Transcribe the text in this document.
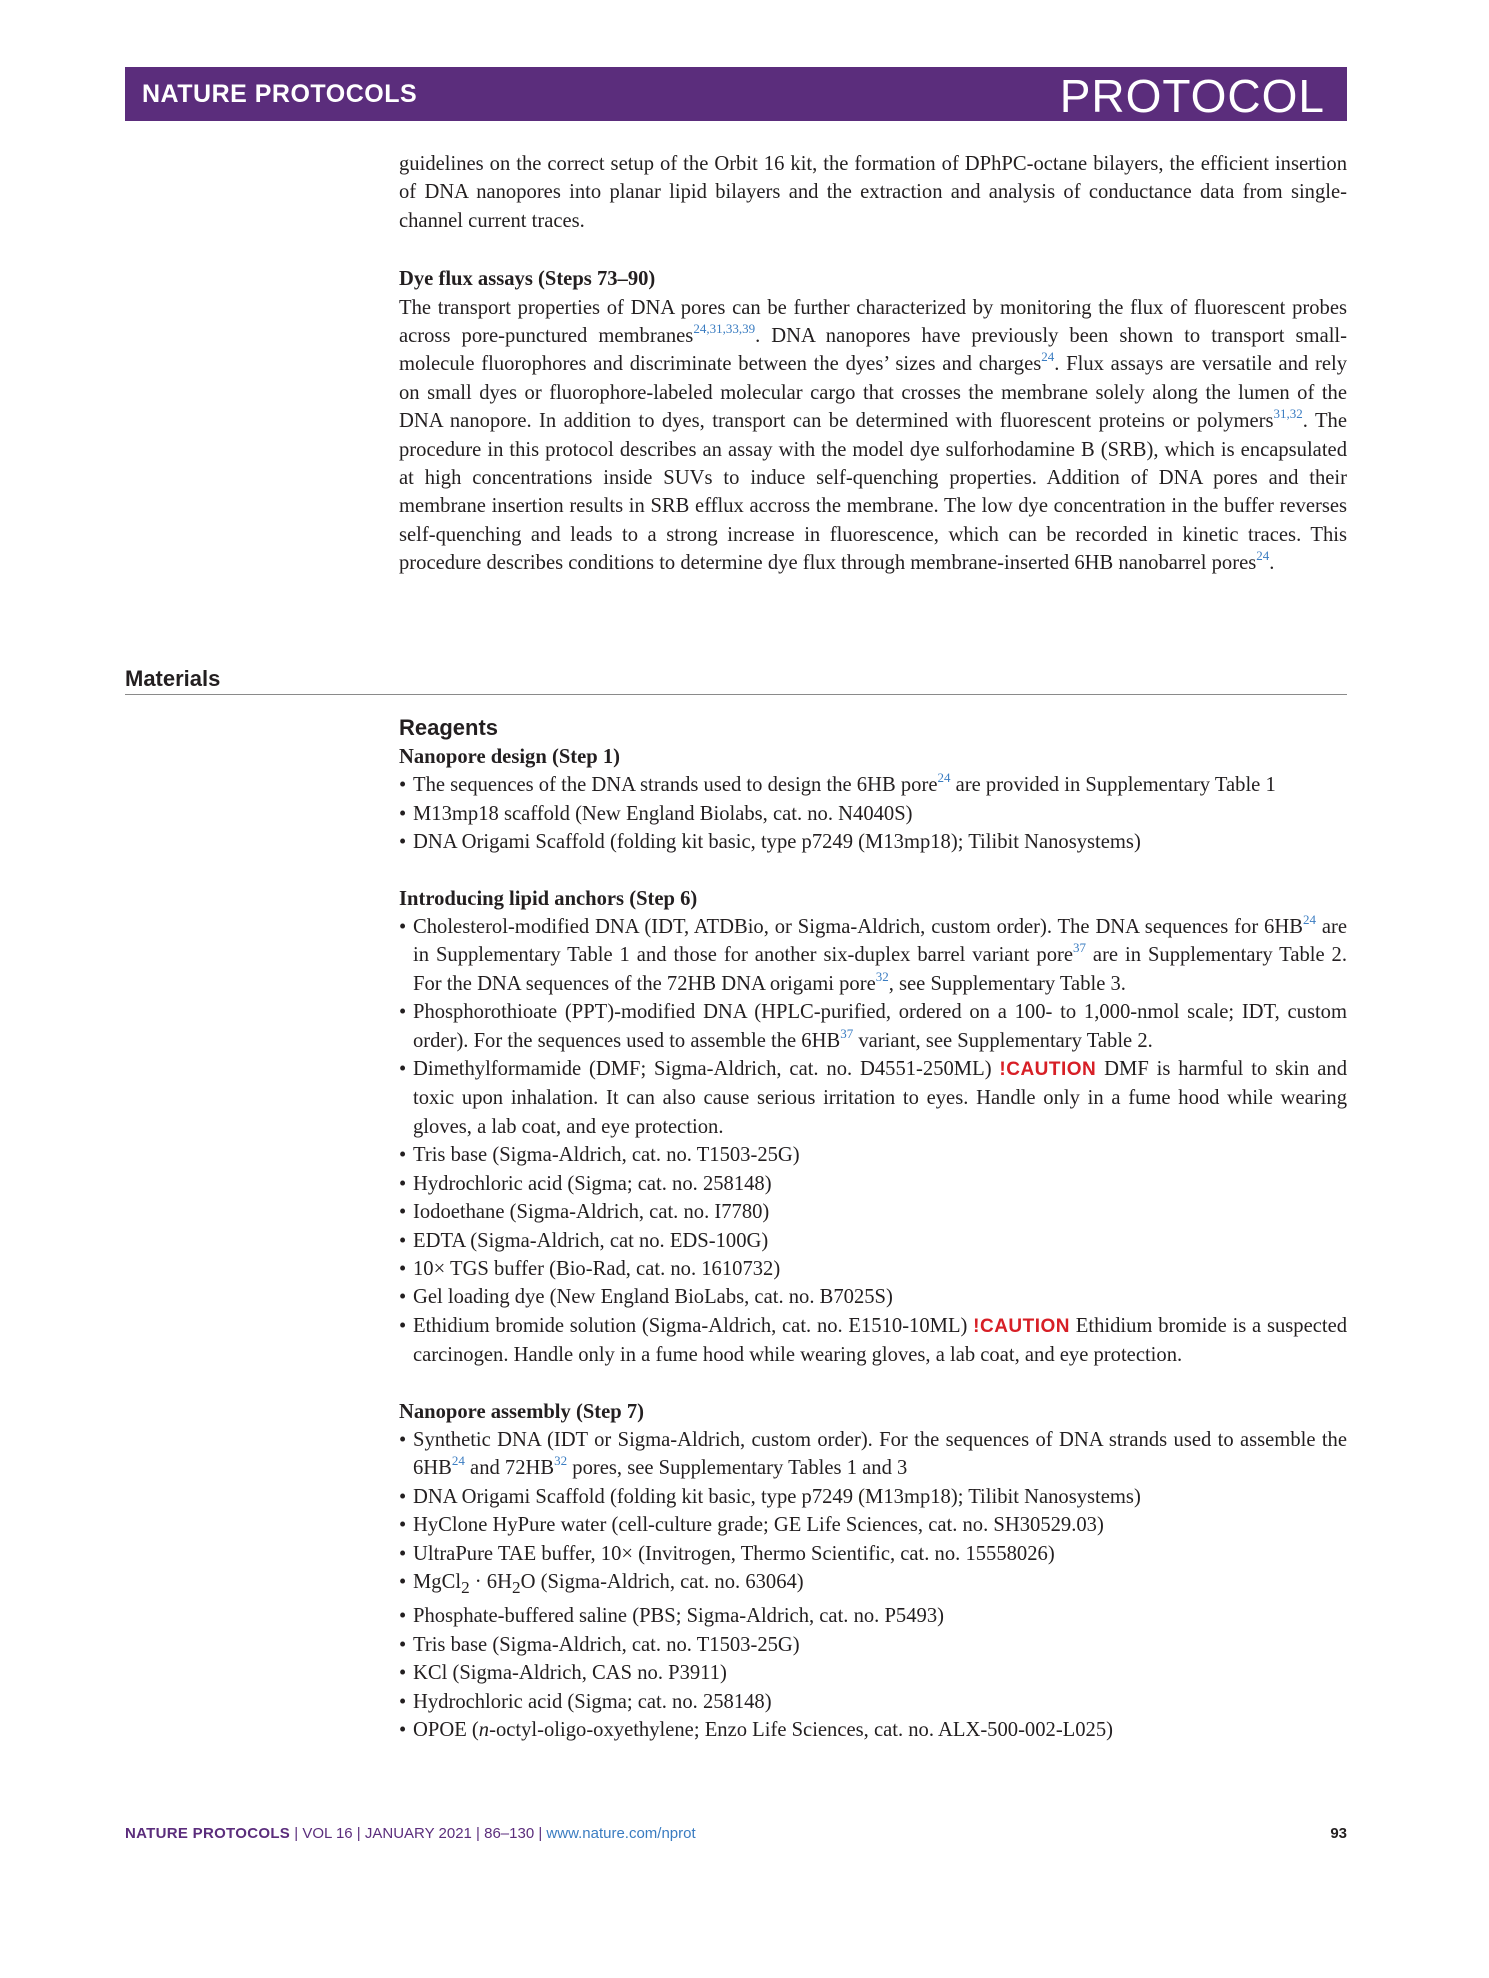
NATURE PROTOCOLS	PROTOCOL

guidelines on the correct setup of the Orbit 16 kit, the formation of DPhPC-octane bilayers, the efficient insertion of DNA nanopores into planar lipid bilayers and the extraction and analysis of conductance data from single-channel current traces.

Dye flux assays (Steps 73–90)

The transport properties of DNA pores can be further characterized by monitoring the flux of fluorescent probes across pore-punctured membranes$^{24,31,33,39}$. DNA nanopores have previously been shown to transport small-molecule fluorophores and discriminate between the dyes’ sizes and charges$^{24}$. Flux assays are versatile and rely on small dyes or fluorophore-labeled molecular cargo that crosses the membrane solely along the lumen of the DNA nanopore. In addition to dyes, transport can be determined with fluorescent proteins or polymers$^{31,32}$. The procedure in this protocol describes an assay with the model dye sulforhodamine B (SRB), which is encapsulated at high concentrations inside SUVs to induce self-quenching properties. Addition of DNA pores and their membrane insertion results in SRB efflux accross the membrane. The low dye concentration in the buffer reverses self-quenching and leads to a strong increase in fluorescence, which can be recorded in kinetic traces. This procedure describes conditions to determine dye flux through membrane-inserted 6HB nanobarrel pores$^{24}$.

Materials

Reagents

Nanopore design (Step 1)

• The sequences of the DNA strands used to design the 6HB pore$^{24}$ are provided in Supplementary Table 1
• M13mp18 scaffold (New England Biolabs, cat. no. N4040S)
• DNA Origami Scaffold (folding kit basic, type p7249 (M13mp18); Tilibit Nanosystems)

Introducing lipid anchors (Step 6)

• Cholesterol-modified DNA (IDT, ATDBio, or Sigma-Aldrich, custom order). The DNA sequences for 6HB$^{24}$ are in Supplementary Table 1 and those for another six-duplex barrel variant pore$^{37}$ are in Supplementary Table 2. For the DNA sequences of the 72HB DNA origami pore$^{32}$, see Supplementary Table 3.
• Phosphorothioate (PPT)-modified DNA (HPLC-purified, ordered on a 100- to 1,000-nmol scale; IDT, custom order). For the sequences used to assemble the 6HB$^{37}$ variant, see Supplementary Table 2.
• Dimethylformamide (DMF; Sigma-Aldrich, cat. no. D4551-250ML) !CAUTION DMF is harmful to skin and toxic upon inhalation. It can also cause serious irritation to eyes. Handle only in a fume hood while wearing gloves, a lab coat, and eye protection.
• Tris base (Sigma-Aldrich, cat. no. T1503-25G)
• Hydrochloric acid (Sigma; cat. no. 258148)
• Iodoethane (Sigma-Aldrich, cat. no. I7780)
• EDTA (Sigma-Aldrich, cat no. EDS-100G)
• 10× TGS buffer (Bio-Rad, cat. no. 1610732)
• Gel loading dye (New England BioLabs, cat. no. B7025S)
• Ethidium bromide solution (Sigma-Aldrich, cat. no. E1510-10ML) !CAUTION Ethidium bromide is a suspected carcinogen. Handle only in a fume hood while wearing gloves, a lab coat, and eye protection.

Nanopore assembly (Step 7)

• Synthetic DNA (IDT or Sigma-Aldrich, custom order). For the sequences of DNA strands used to assemble the 6HB$^{24}$ and 72HB$^{32}$ pores, see Supplementary Tables 1 and 3
• DNA Origami Scaffold (folding kit basic, type p7249 (M13mp18); Tilibit Nanosystems)
• HyClone HyPure water (cell-culture grade; GE Life Sciences, cat. no. SH30529.03)
• UltraPure TAE buffer, 10× (Invitrogen, Thermo Scientific, cat. no. 15558026)
• MgCl$_2$ · $6H_2O$ (Sigma-Aldrich, cat. no. 63064)
• Phosphate-buffered saline (PBS; Sigma-Aldrich, cat. no. P5493)
• Tris base (Sigma-Aldrich, cat. no. T1503-25G)
• KCl (Sigma-Aldrich, CAS no. P3911)
• Hydrochloric acid (Sigma; cat. no. 258148)
• OPOE (n-octyl-oligo-oxyethylene; Enzo Life Sciences, cat. no. ALX-500-002-L025)
NATURE PROTOCOLS | VOL 16 | JANUARY 2021 | 86–130 | www.nature.com/nprot	93
